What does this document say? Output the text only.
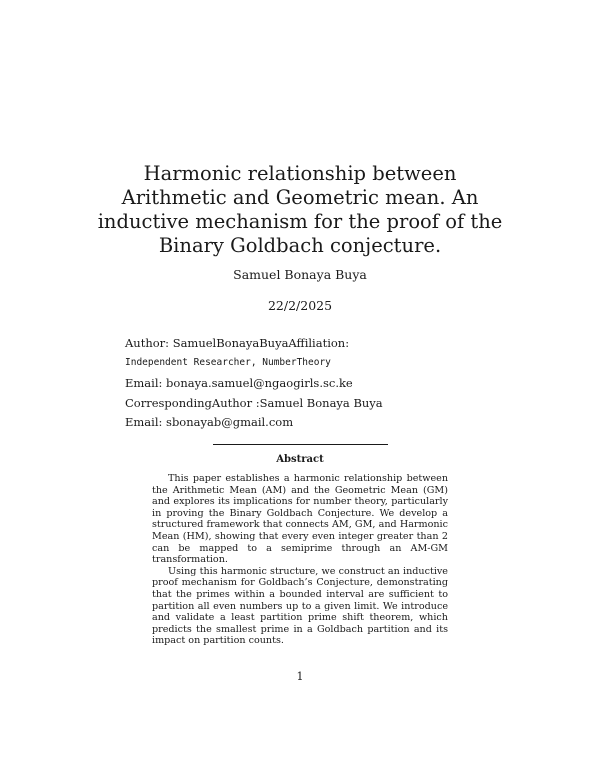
Harmonic relationship between
Arithmetic and Geometric mean. An
inductive mechanism for the proof of the
Binary Goldbach conjecture.
Samuel Bonaya Buya
22/2/2025
Author: SamuelBonayaBuyaAffiliation:
Independent Researcher, NumberTheory
Email: bonaya.samuel@ngaogirls.sc.ke
CorrespondingAuthor :Samuel Bonaya Buya
Email: sbonayab@gmail.com
Abstract

This paper establishes a harmonic relationship between the Arithmetic Mean (AM) and the Geometric Mean (GM) and explores its implications for number theory, particularly in proving the Binary Goldbach Conjecture. We develop a structured framework that connects AM, GM, and Harmonic Mean (HM), showing that every even integer greater than 2 can be mapped to a semiprime through an AM-GM transformation.

Using this harmonic structure, we construct an inductive proof mechanism for Goldbach’s Conjecture, demonstrating that the primes within a bounded interval are sufficient to partition all even numbers up to a given limit. We introduce and validate a least partition prime shift theorem, which predicts the smallest prime in a Goldbach partition and its impact on partition counts.

1
